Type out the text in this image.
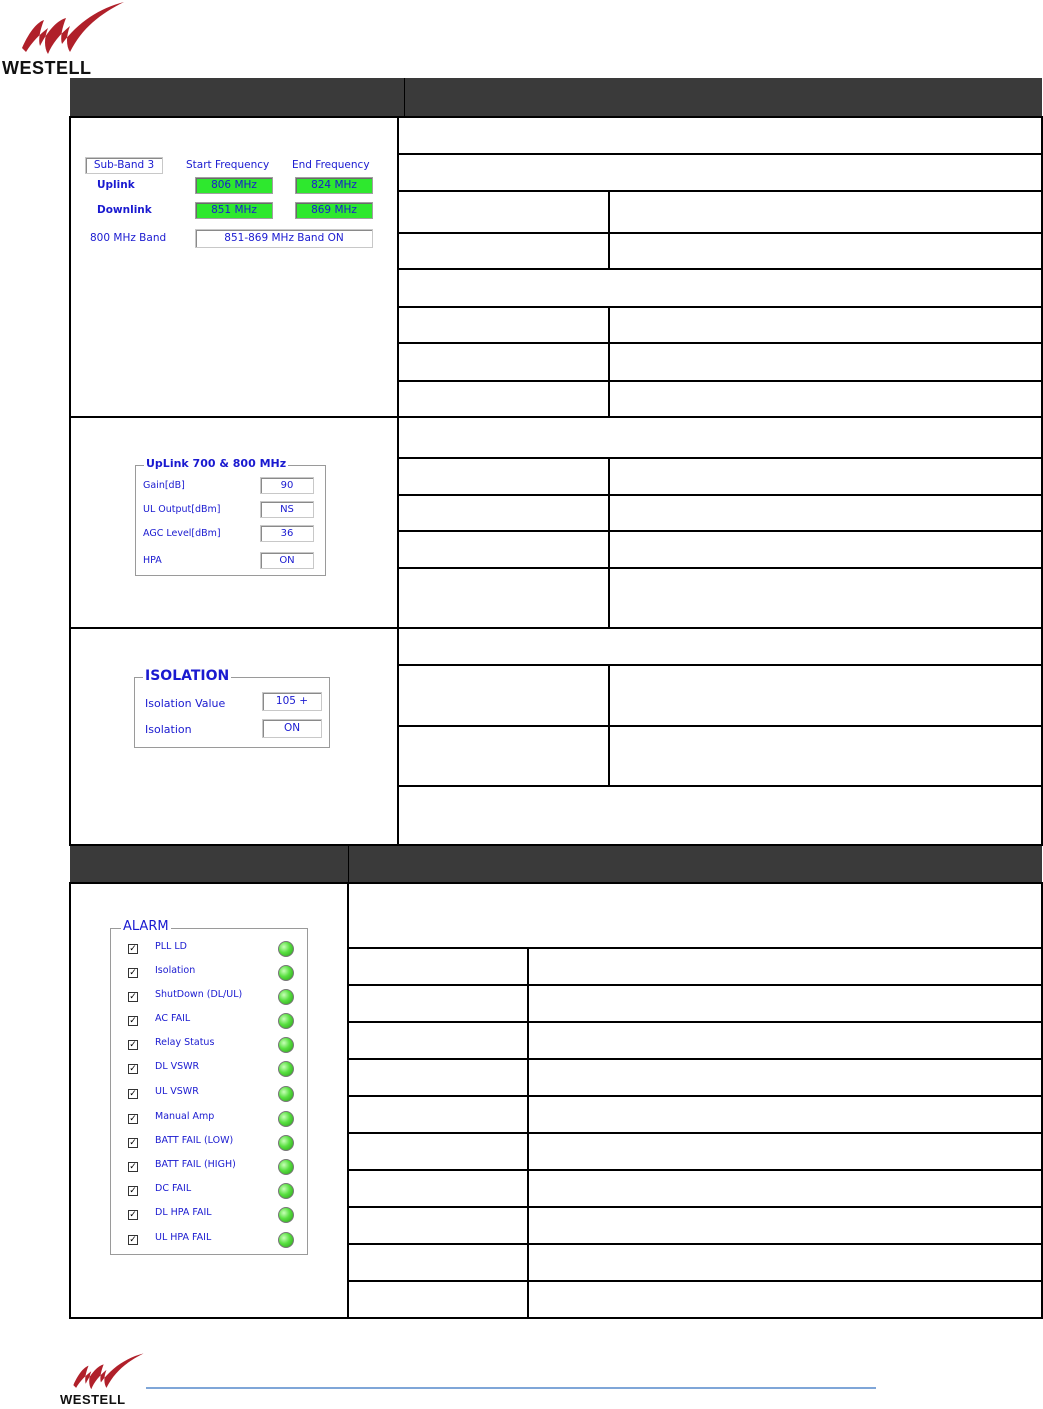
WESTELL
Sub-Band 3	Start Frequency End Frequency
Uplink	806 MHz	824 MHz
Downlink	851 MHz	869 MHz
800 MHz Band	851-869 MHz Band ON
UpLink 700 & 800 MHz
Gain[dB]	90
UL Output[dBm]	NS
AGC Level[dBm]	36
HPA	ON
ISOLATION
Isolation Value	105 +
Isolation	ON
ALARM
✓ PLL LD
✓ Isolation
✓ ShutDown (DL/UL)
✓ AC FAIL
✓ Relay Status
✓ DL VSWR
✓ UL VSWR
✓ Manual Amp
✓ BATT FAIL (LOW)
✓ BATT FAIL (HIGH)
✓ DC FAIL
✓ DL HPA FAIL
✓ UL HPA FAIL
WESTELL
